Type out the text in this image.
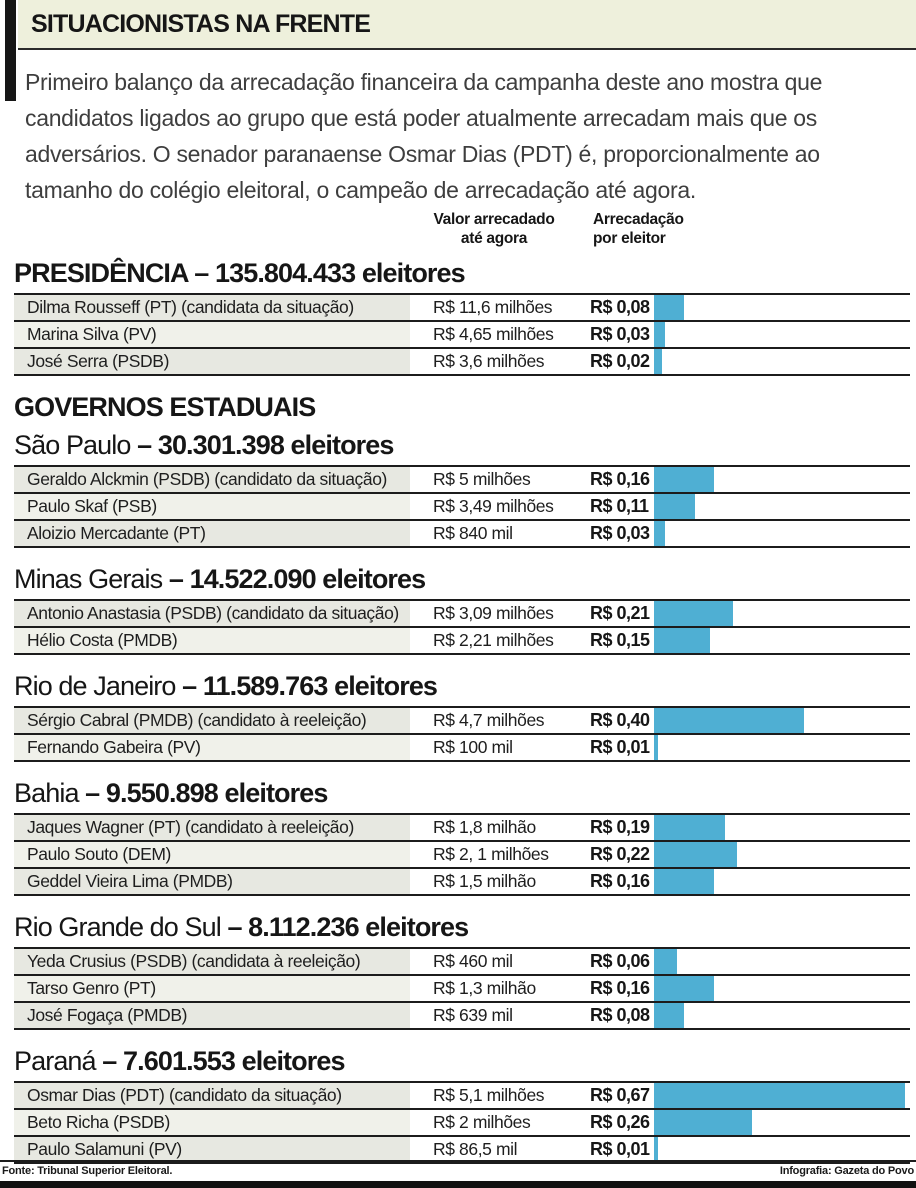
SITUACIONISTAS NA FRENTE

Primeiro balanço da arrecadação financeira da campanha deste ano mostra que candidatos ligados ao grupo que está poder atualmente arrecadam mais que os adversários. O senador paranaense Osmar Dias (PDT) é, proporcionalmente ao tamanho do colégio eleitoral, o campeão de arrecadação até agora.

Valor arrecadado
até agora
Arrecadação
por eleitor
PRESIDÊNCIA – 135.804.433 eleitores
Dilma Rousseff (PT) (candidata da situação)	R$ 11,6 milhões	R$ 0,08
Marina Silva (PV)	R$ 4,65 milhões	R$ 0,03
José Serra (PSDB)	R$ 3,6 milhões	R$ 0,02
GOVERNOS ESTADUAIS
São Paulo – 30.301.398 eleitores
Geraldo Alckmin (PSDB) (candidato da situação)	R$ 5 milhões	R$ 0,16
Paulo Skaf (PSB)	R$ 3,49 milhões	R$ 0,11
Aloizio Mercadante (PT)	R$ 840 mil	R$ 0,03
Minas Gerais – 14.522.090 eleitores
Antonio Anastasia (PSDB) (candidato da situação)	R$ 3,09 milhões	R$ 0,21
Hélio Costa (PMDB)	R$ 2,21 milhões	R$ 0,15
Rio de Janeiro – 11.589.763 eleitores
Sérgio Cabral (PMDB) (candidato à reeleição)	R$ 4,7 milhões	R$ 0,40
Fernando Gabeira (PV)	R$ 100 mil	R$ 0,01
Bahia – 9.550.898 eleitores
Jaques Wagner (PT) (candidato à reeleição)	R$ 1,8 milhão	R$ 0,19
Paulo Souto (DEM)	R$ 2, 1 milhões	R$ 0,22
Geddel Vieira Lima (PMDB)	R$ 1,5 milhão	R$ 0,16
Rio Grande do Sul – 8.112.236 eleitores
Yeda Crusius (PSDB) (candidata à reeleição)	R$ 460 mil	R$ 0,06
Tarso Genro (PT)	R$ 1,3 milhão	R$ 0,16
José Fogaça (PMDB)	R$ 639 mil	R$ 0,08
Paraná – 7.601.553 eleitores
Osmar Dias (PDT) (candidato da situação)	R$ 5,1 milhões	R$ 0,67
Beto Richa (PSDB)	R$ 2 milhões	R$ 0,26
Paulo Salamuni (PV)	R$ 86,5 mil	R$ 0,01
Fonte: Tribunal Superior Eleitoral.	Infografia: Gazeta do Povo
